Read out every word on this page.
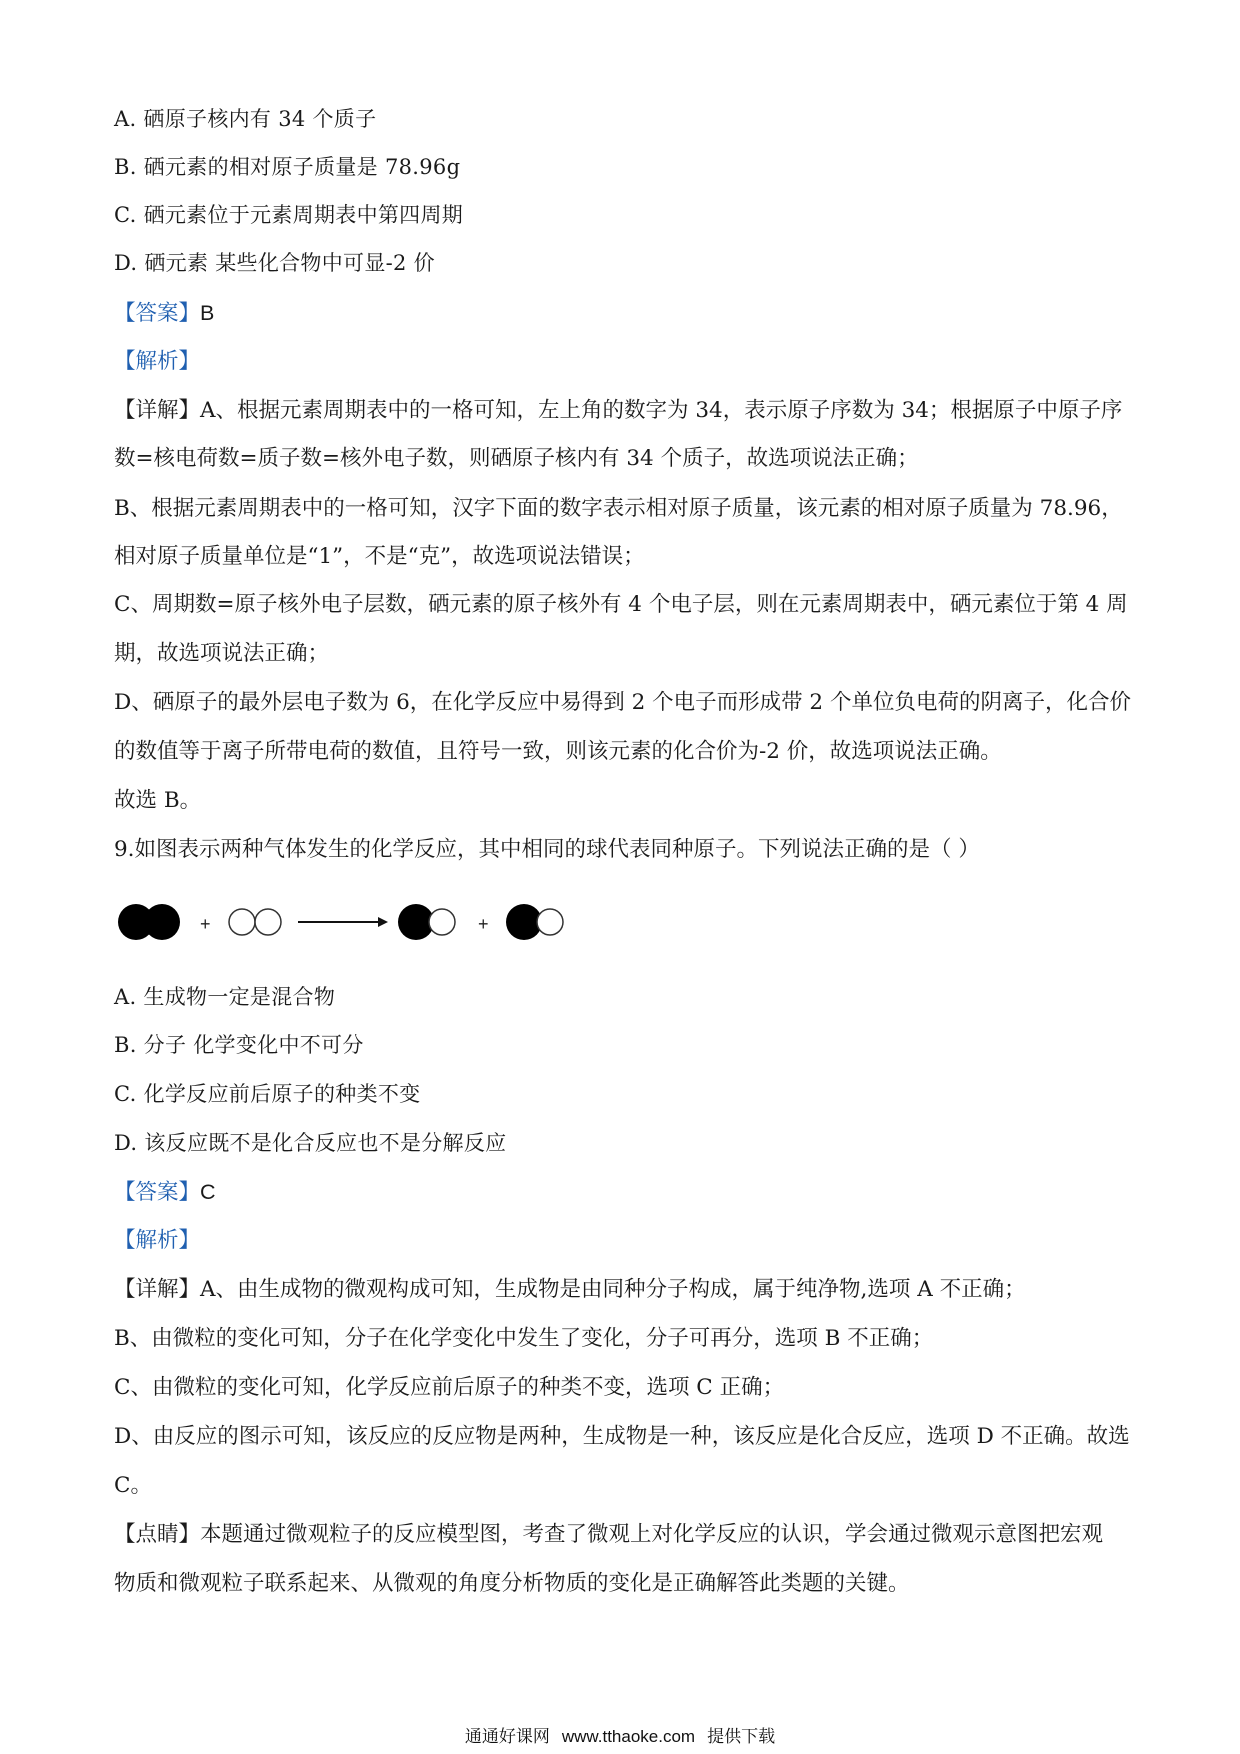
A. 硒原子核内有 34 个质子
B. 硒元素的相对原子质量是 78.96g
C. 硒元素位于元素周期表中第四周期
D. 硒元素 某些化合物中可显-2 价
【答案】B
【解析】
【详解】A、根据元素周期表中的一格可知，左上角的数字为 34，表示原子序数为 34；根据原子中原子序
数=核电荷数=质子数=核外电子数，则硒原子核内有 34 个质子，故选项说法正确；
B、根据元素周期表中的一格可知，汉字下面的数字表示相对原子质量，该元素的相对原子质量为 78.96，
相对原子质量单位是“1”，不是“克”，故选项说法错误；
C、周期数=原子核外电子层数，硒元素的原子核外有 4 个电子层，则在元素周期表中，硒元素位于第 4 周
期，故选项说法正确；
D、硒原子的最外层电子数为 6，在化学反应中易得到 2 个电子而形成带 2 个单位负电荷的阴离子，化合价
的数值等于离子所带电荷的数值，且符号一致，则该元素的化合价为-2 价，故选项说法正确。
故选 B。
9.如图表示两种气体发生的化学反应，其中相同的球代表同种原子。下列说法正确的是（ ）
+	+
A. 生成物一定是混合物
B. 分子 化学变化中不可分
C. 化学反应前后原子的种类不变
D. 该反应既不是化合反应也不是分解反应
【答案】C
【解析】
【详解】A、由生成物的微观构成可知，生成物是由同种分子构成，属于纯净物,选项 A 不正确；
B、由微粒的变化可知，分子在化学变化中发生了变化，分子可再分，选项 B 不正确；
C、由微粒的变化可知，化学反应前后原子的种类不变，选项 C 正确；
D、由反应的图示可知，该反应的反应物是两种，生成物是一种，该反应是化合反应，选项 D 不正确。故选
C。
【点睛】本题通过微观粒子的反应模型图，考查了微观上对化学反应的认识，学会通过微观示意图把宏观
物质和微观粒子联系起来、从微观的角度分析物质的变化是正确解答此类题的关键。
通通好课网 www.tthaoke.com 提供下载
